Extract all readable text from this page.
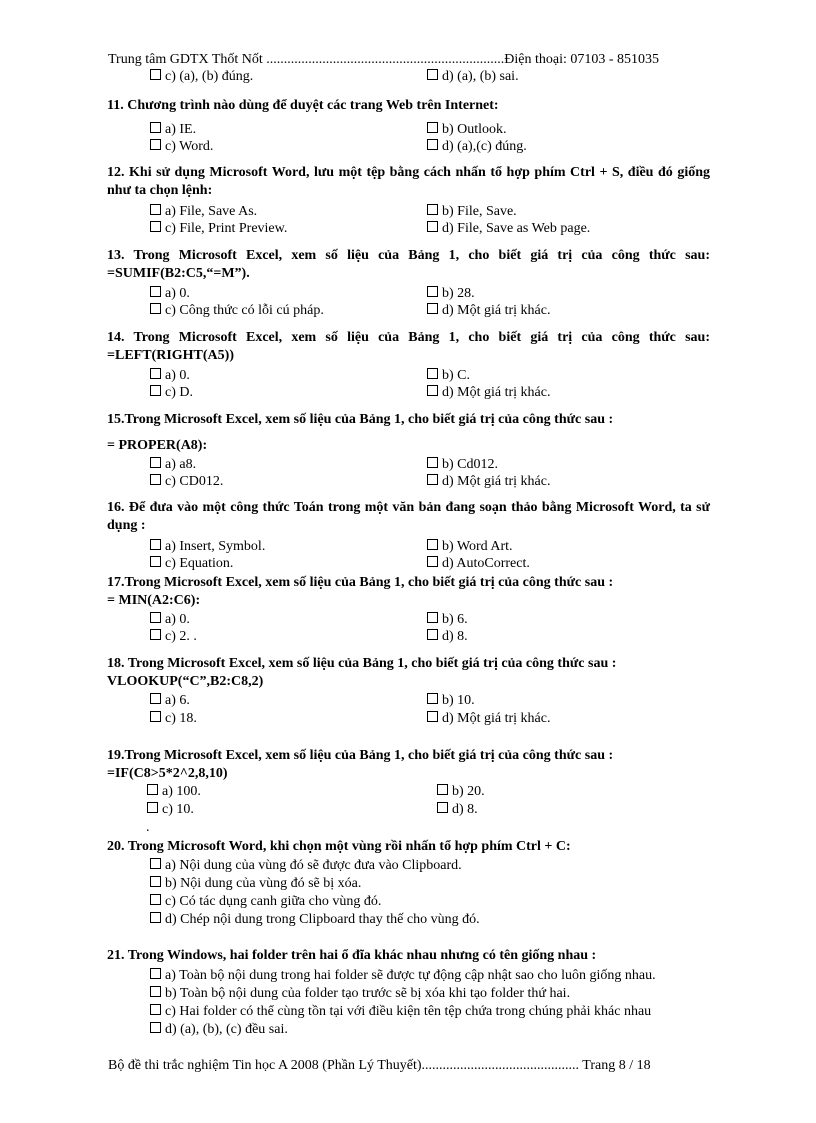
Trung tâm GDTX Thốt Nốt ....................................................................Điện thoại: 07103 - 851035
c) (a), (b) đúng.	d) (a), (b) sai.
11. Chương trình nào dùng để duyệt các trang Web trên Internet:
a) IE.	b) Outlook.
c) Word.	d) (a),(c) đúng.
12. Khi sử dụng Microsoft Word, lưu một tệp bằng cách nhấn tổ hợp phím Ctrl + S, điều đó giống như ta chọn lệnh:
a) File, Save As.	b) File, Save.
c) File, Print Preview.	d) File, Save as Web page.
13. Trong Microsoft Excel, xem số liệu của Bảng 1, cho biết giá trị của công thức sau: =SUMIF(B2:C5,“=M”).
a) 0.	b) 28.
c) Công thức có lỗi cú pháp.	d) Một giá trị khác.
14. Trong Microsoft Excel, xem số liệu của Bảng 1, cho biết giá trị của công thức sau: =LEFT(RIGHT(A5))
a) 0.	b) C.
c) D.	d) Một giá trị khác.
15.Trong Microsoft Excel, xem số liệu của Bảng 1, cho biết giá trị của công thức sau :
= PROPER(A8):
a) a8.	b) Cd012.
c) CD012.	d) Một giá trị khác.
16. Để đưa vào một công thức Toán trong một văn bản đang soạn thảo bằng Microsoft Word, ta sử dụng :
a) Insert, Symbol.	b) Word Art.
c) Equation.	d) AutoCorrect.
17.Trong Microsoft Excel, xem số liệu của Bảng 1, cho biết giá trị của công thức sau :
= MIN(A2:C6):
a) 0.	b) 6.
c) 2. .	d) 8.
18. Trong Microsoft Excel, xem số liệu của Bảng 1, cho biết giá trị của công thức sau :
VLOOKUP(“C”,B2:C8,2)
a) 6.	b) 10.
c) 18.	d) Một giá trị khác.
19.Trong Microsoft Excel, xem số liệu của Bảng 1, cho biết giá trị của công thức sau :
=IF(C8>5*2^2,8,10)
a) 100.	b) 20.
c) 10.	d) 8.
.
20. Trong Microsoft Word, khi chọn một vùng rồi nhấn tổ hợp phím Ctrl + C:
a) Nội dung của vùng đó sẽ được đưa vào Clipboard.
b) Nội dung của vùng đó sẽ bị xóa.
c) Có tác dụng canh giữa cho vùng đó.
d) Chép nội dung trong Clipboard thay thế cho vùng đó.
21. Trong Windows, hai folder trên hai ổ đĩa khác nhau nhưng có tên giống nhau :
a) Toàn bộ nội dung trong hai folder sẽ được tự động cập nhật sao cho luôn giống nhau.
b) Toàn bộ nội dung của folder tạo trước sẽ bị xóa khi tạo folder thứ hai.
c) Hai folder có thể cùng tồn tại với điều kiện tên tệp chứa trong chúng phải khác nhau
d) (a), (b), (c) đều sai.
Bộ đề thi trắc nghiệm Tin học A 2008 (Phần Lý Thuyết)............................................. Trang 8 / 18
